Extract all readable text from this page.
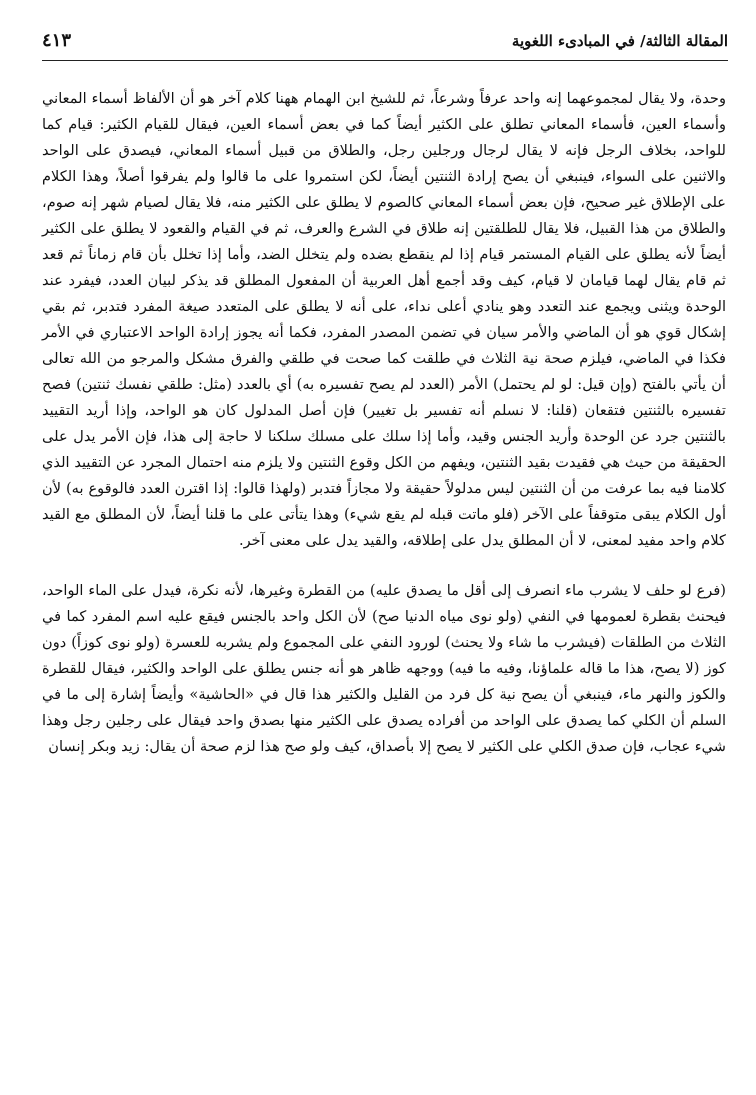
المقالة الثالثة/ في المبادىء اللغوية
٤١٣

وحدة، ولا يقال لمجموعهما إنه واحد عرفاً وشرعاً، ثم للشيخ ابن الهمام ههنا كلام آخر هو أن الألفاظ أسماء المعاني وأسماء العين، فأسماء المعاني تطلق على الكثير أيضاً كما في بعض أسماء العين، فيقال للقيام الكثير: قيام كما للواحد، بخلاف الرجل فإنه لا يقال لرجال ورجلين رجل، والطلاق من قبيل أسماء المعاني، فيصدق على الواحد والاثنين على السواء، فينبغي أن يصح إرادة الثنتين أيضاً، لكن استمروا على ما قالوا ولم يفرقوا أصلاً، وهذا الكلام على الإطلاق غير صحيح، فإن بعض أسماء المعاني كالصوم لا يطلق على الكثير منه، فلا يقال لصيام شهر إنه صوم، والطلاق من هذا القبيل، فلا يقال للطلقتين إنه طلاق في الشرع والعرف، ثم في القيام والقعود لا يطلق على الكثير أيضاً لأنه يطلق على القيام المستمر قيام إذا لم ينقطع بضده ولم يتخلل الضد، وأما إذا تخلل بأن قام زماناً ثم قعد ثم قام يقال لهما قيامان لا قيام، كيف وقد أجمع أهل العربية أن المفعول المطلق قد يذكر لبيان العدد، فيفرد عند الوحدة ويثنى ويجمع عند التعدد وهو ينادي أعلى نداء، على أنه لا يطلق على المتعدد صيغة المفرد فتدبر، ثم بقي إشكال قوي هو أن الماضي والأمر سيان في تضمن المصدر المفرد، فكما أنه يجوز إرادة الواحد الاعتباري في الأمر فكذا في الماضي، فيلزم صحة نية الثلاث في طلقت كما صحت في طلقي والفرق مشكل والمرجو من الله تعالى أن يأتي بالفتح (وإن قيل: لو لم يحتمل) الأمر (العدد لم يصح تفسيره به) أي بالعدد (مثل: طلقي نفسك ثنتين) فصح تفسيره بالثنتين فتقعان (قلنا: لا نسلم أنه تفسير بل تغيير) فإن أصل المدلول كان هو الواحد، وإذا أريد التقييد بالثنتين جرد عن الوحدة وأريد الجنس وقيد، وأما إذا سلك على مسلك سلكنا لا حاجة إلى هذا، فإن الأمر يدل على الحقيقة من حيث هي فقيدت بقيد الثنتين، ويفهم من الكل وقوع الثنتين ولا يلزم منه احتمال المجرد عن التقييد الذي كلامنا فيه بما عرفت من أن الثنتين ليس مدلولاً حقيقة ولا مجازاً فتدبر (ولهذا قالوا: إذا اقترن العدد فالوقوع به) لأن أول الكلام يبقى متوقفاً على الآخر (فلو ماتت قبله لم يقع شيء) وهذا يتأتى على ما قلنا أيضاً، لأن المطلق مع القيد كلام واحد مفيد لمعنى، لا أن المطلق يدل على إطلاقه، والقيد يدل على معنى آخر.

(فرع لو حلف لا يشرب ماء انصرف إلى أقل ما يصدق عليه) من القطرة وغيرها، لأنه نكرة، فيدل على الماء الواحد، فيحنث بقطرة لعمومها في النفي (ولو نوى مياه الدنيا صح) لأن الكل واحد بالجنس فيقع عليه اسم المفرد كما في الثلاث من الطلقات (فيشرب ما شاء ولا يحنث) لورود النفي على المجموع ولم يشربه للعسرة (ولو نوى كوزاً) دون كوز (لا يصح، هذا ما قاله علماؤنا، وفيه ما فيه) ووجهه ظاهر هو أنه جنس يطلق على الواحد والكثير، فيقال للقطرة والكوز والنهر ماء، فينبغي أن يصح نية كل فرد من القليل والكثير هذا قال في «الحاشية» وأيضاً إشارة إلى ما في السلم أن الكلي كما يصدق على الواحد من أفراده يصدق على الكثير منها بصدق واحد فيقال على رجلين رجل وهذا شيء عجاب، فإن صدق الكلي على الكثير لا يصح إلا بأصداق، كيف ولو صح هذا لزم صحة أن يقال: زيد وبكر إنسان
